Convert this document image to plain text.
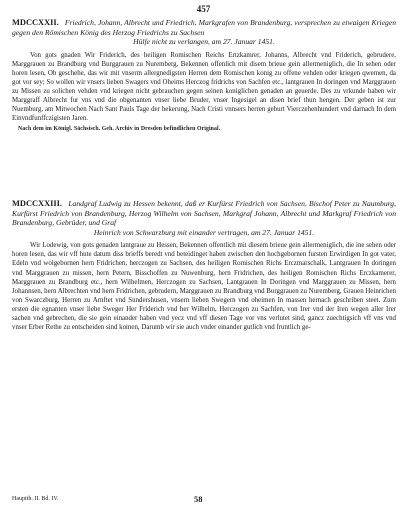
457

MDCCXXII. Friedrich, Johann, Albrecht und Friedrich, Markgrafen von Brandenburg, versprechen zu etwaigen Kriegen gegen den Römischen König des Herzog Friedrichs zu Sachsen
Hülfe nicht zu verlangen, am 27. Januar 1451.

Von gots gnaden Wir Friderich, des heiligen Romischen Reichs Ertzkamrer, Johanns, Albrecht vnd Friderich, gebrudere, Marggrauen zu Brandburg vnd Burggrauen zu Nuremberg, Bekennen offenlich mit disem brieue gein allermeniglich, die In sehen oder horen lesen, Ob geschehe, das wir mit vnserm allergnedigsten Herren dem Romischen konig zu offene vehden oder kriegen qwemen, da got vor sey; So wollen wir vnsers lieben Swagers vnd Oheims Herczog fridrichs von Sachfen etc., lantgrauen In doringen vnd Marggrauen zu Missen zu solichen vehden vnd kriegen nicht gebrauchen gegen seinen koniglichen genaden an geuerde. Des zu vrkunde haben wir Marggraff Albrecht fur vns vnd die obgenanten vnser liebe Bruder, vnser Ingesigel an disen brief thun hengen. Der geben ist zur Nuemburg, am Mitwochen Nach Sant Pauls Tage der bekerung, Nach Cristi vnnsers herren geburt Vierczehenhundert vnd darnach In dem Einvndfunffczigisten Jaren.

Nach dem im Königl. Sächsisch. Geh. Archiv in Dresden befindlichen Original.

MDCCXXIII. Landgraf Ludwig zu Hessen bekennt, daß er Kurfürst Friedrich von Sachsen, Bischof Peter zu Naumburg, Kurfürst Friedrich von Brandenburg, Herzog Wilhelm von Sachsen, Markgraf Johann, Albrecht und Markgraf Friedrich von Brandenburg, Gebrüder, und Graf
Heinrich von Schwarzburg mit einander vertragen, am 27. Januar 1451.

Wir Lodewig, von gots genaden lantgraue zu Hessen, Bekennen offentlich mit diesem brieue gein allermeniglich, die ine sehen oder horen lesen, das wir vff hute datum diss brieffs beredt vnd beteidinget haben zwischen den hochgebornen fursten Erwirdigen In got vater, Edeln vnd wolgebornen hern Fridrichen, herczogen zu Sachsen, des heiligen Romischen Richs Erczmarschalk, Lantgrauen In doringen vnd Marggrauen zu missen, hern Petern, Bisschoffen zu Nuwenburg, hern Fridrichen, des heiligen Romischen Richs Erczkamerer, Marggrauen zu Brandburg etc., hern Wilhelmen, Herczogen zu Sachsen, Lantgrauen In Doringen vnd Marggrauen zu Missen, hern Johannsen, hern Albrechten vnd hern Fridrichen, gebrudern, Marggrauen zu Brandburg vnd Burggrauen zu Nuremberg, Grauen Heinrichen von Swarczburg, Herren zu Arnftet vnd Sundershusen, vnsern lieben Swegern vnd oheimen In massen hernach geschriben steet. Zum ersten die egnanten vnser liebe Sweger Her Friderich vnd her Wilhelm, Herczogen zu Sachfen, von Irer vnd der Iren wegen aller Irer sachen vnd gebrechen, die sie gein einander haben vnd yecz vnd vff diesen Tage vor vns verlutet sind, gancz zuechtigsich vff vns vnd vnser Erber Rethe zu entscheiden sind komen, Darumb wir sie auch vnder einander gutlich vnd fruntlich ge-

Hauptth. II. Bd. IV.	58
